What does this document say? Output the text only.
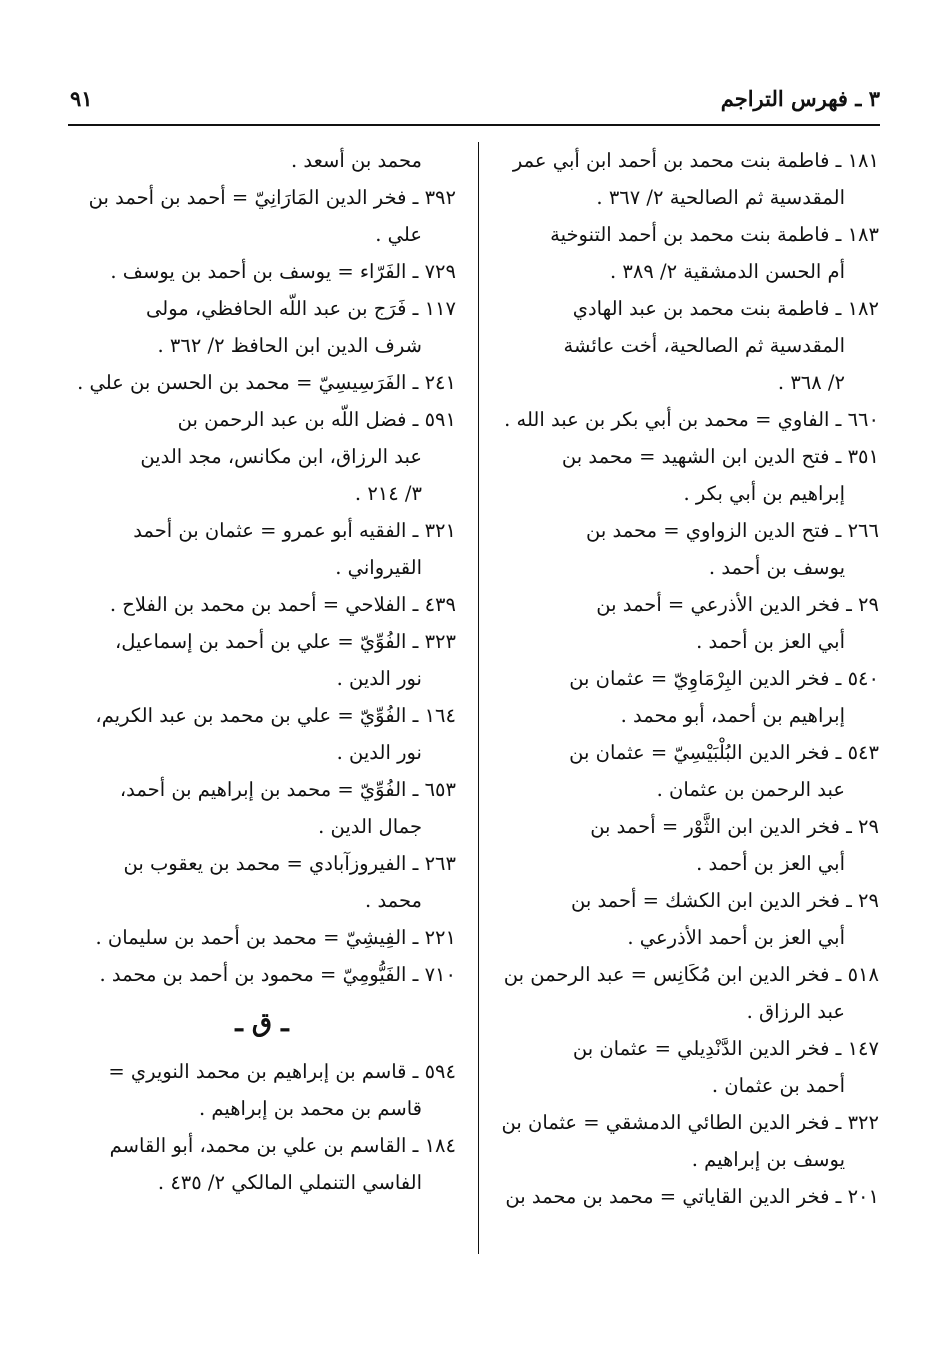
٣ ـ فهرس التراجم
٩١
١٨١ ـ فاطمة بنت محمد بن أحمد ابن أبي عمر
المقدسية ثم الصالحية ٢/ ٣٦٧ .
١٨٣ ـ فاطمة بنت محمد بن أحمد التنوخية
أم الحسن الدمشقية ٢/ ٣٨٩ .
١٨٢ ـ فاطمة بنت محمد بن عبد الهادي
المقدسية ثم الصالحية، أخت عائشة
٢/ ٣٦٨ .
٦٦٠ ـ الفاوي = محمد بن أبي بكر بن عبد الله .
٣٥١ ـ فتح الدين ابن الشهيد = محمد بن
إبراهيم بن أبي بكر .
٢٦٦ ـ فتح الدين الزواوي = محمد بن
يوسف بن أحمد .
٢٩ ـ فخر الدين الأذرعي = أحمد بن
أبي العز بن أحمد .
٥٤٠ ـ فخر الدين البِرْمَاوِيّ = عثمان بن
إبراهيم بن أحمد، أبو محمد .
٥٤٣ ـ فخر الدين البُلْبَيْسِيّ = عثمان بن
عبد الرحمن بن عثمان .
٢٩ ـ فخر الدين ابن الثَّوْر = أحمد بن
أبي العز بن أحمد .
٢٩ ـ فخر الدين ابن الكشك = أحمد بن
أبي العز بن أحمد الأذرعي .
٥١٨ ـ فخر الدين ابن مُكَانِس = عبد الرحمن بن
عبد الرزاق .
١٤٧ ـ فخر الدين الدَّنْدِيلي = عثمان بن
أحمد بن عثمان .
٣٢٢ ـ فخر الدين الطائي الدمشقي = عثمان بن
يوسف بن إبراهيم .
٢٠١ ـ فخر الدين القاياتي = محمد بن محمد بن
محمد بن أسعد .
٣٩٢ ـ فخر الدين المَارَانِيّ = أحمد بن أحمد بن
علي .
٧٢٩ ـ الفَرّاء = يوسف بن أحمد بن يوسف .
١١٧ ـ فَرَج بن عبد اللّه الحافظي، مولى
شرف الدين ابن الحافظ ٢/ ٣٦٢ .
٢٤١ ـ الفَرَسِيسِيّ = محمد بن الحسن بن علي .
٥٩١ ـ فضل اللّه بن عبد الرحمن بن
عبد الرزاق، ابن مكانس، مجد الدين
٣/ ٢١٤ .
٣٢١ ـ الفقيه أبو عمرو = عثمان بن أحمد
القيرواني .
٤٣٩ ـ الفلاحي = أحمد بن محمد بن الفلاح .
٣٢٣ ـ الفُوِّيّ = علي بن أحمد بن إسماعيل،
نور الدين .
١٦٤ ـ الفُوِّيّ = علي بن محمد بن عبد الكريم،
نور الدين .
٦٥٣ ـ الفُوِّيّ = محمد بن إبراهيم بن أحمد،
جمال الدين .
٢٦٣ ـ الفيروزآبادي = محمد بن يعقوب بن
محمد .
٢٢١ ـ الفِيشِيّ = محمد بن أحمد بن سليمان .
٧١٠ ـ الفَيُّومِيّ = محمود بن أحمد بن محمد .
ـ ق ـ
٥٩٤ ـ قاسم بن إبراهيم بن محمد النويري =
قاسم بن محمد بن إبراهيم .
١٨٤ ـ القاسم بن علي بن محمد، أبو القاسم
الفاسي التنملي المالكي ٢/ ٤٣٥ .
